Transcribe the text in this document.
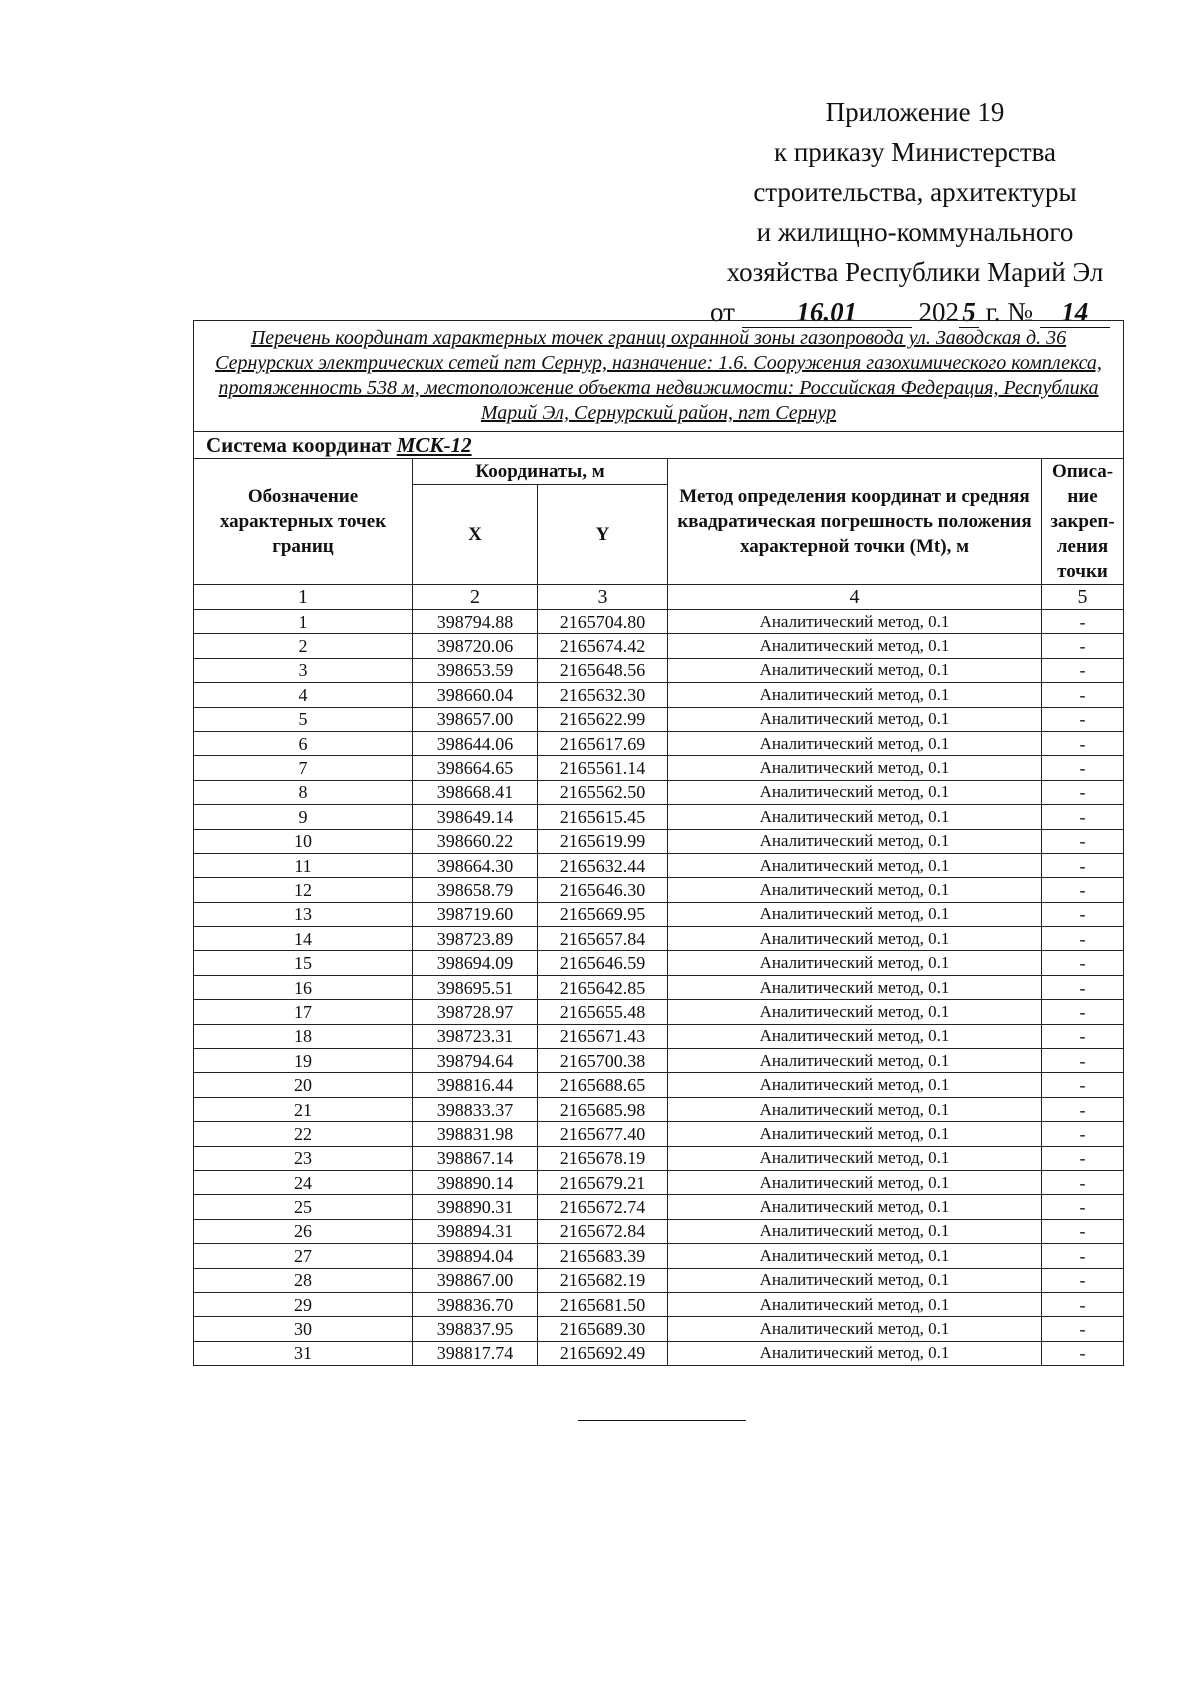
Приложение 19
к приказу Министерства
строительства, архитектуры
и жилищно-коммунального
хозяйства Республики Марий Эл
от 16.01 202 5 г. № 14
Перечень координат характерных точек границ охранной зоны газопровода ул. Заводская д. 36 Сернурских электрических сетей пгт Сернур, назначение: 1.6. Сооружения газохимического комплекса, протяженность 538 м, местоположение объекта недвижимости: Российская Федерация, Республика Марий Эл, Сернурский район, пгт Сернур				
Система координат МСК-12				
Обозначение характерных точек границ	Координаты, м		Метод определения координат и средняя квадратическая погрешность положения характерной точки (Mt), м	Описа-ние закреп-ления точки
	X	Y		
1	2	3	4	5
1	398794.88	2165704.80	Аналитический метод, 0.1	-
2	398720.06	2165674.42	Аналитический метод, 0.1	-
3	398653.59	2165648.56	Аналитический метод, 0.1	-
4	398660.04	2165632.30	Аналитический метод, 0.1	-
5	398657.00	2165622.99	Аналитический метод, 0.1	-
6	398644.06	2165617.69	Аналитический метод, 0.1	-
7	398664.65	2165561.14	Аналитический метод, 0.1	-
8	398668.41	2165562.50	Аналитический метод, 0.1	-
9	398649.14	2165615.45	Аналитический метод, 0.1	-
10	398660.22	2165619.99	Аналитический метод, 0.1	-
11	398664.30	2165632.44	Аналитический метод, 0.1	-
12	398658.79	2165646.30	Аналитический метод, 0.1	-
13	398719.60	2165669.95	Аналитический метод, 0.1	-
14	398723.89	2165657.84	Аналитический метод, 0.1	-
15	398694.09	2165646.59	Аналитический метод, 0.1	-
16	398695.51	2165642.85	Аналитический метод, 0.1	-
17	398728.97	2165655.48	Аналитический метод, 0.1	-
18	398723.31	2165671.43	Аналитический метод, 0.1	-
19	398794.64	2165700.38	Аналитический метод, 0.1	-
20	398816.44	2165688.65	Аналитический метод, 0.1	-
21	398833.37	2165685.98	Аналитический метод, 0.1	-
22	398831.98	2165677.40	Аналитический метод, 0.1	-
23	398867.14	2165678.19	Аналитический метод, 0.1	-
24	398890.14	2165679.21	Аналитический метод, 0.1	-
25	398890.31	2165672.74	Аналитический метод, 0.1	-
26	398894.31	2165672.84	Аналитический метод, 0.1	-
27	398894.04	2165683.39	Аналитический метод, 0.1	-
28	398867.00	2165682.19	Аналитический метод, 0.1	-
29	398836.70	2165681.50	Аналитический метод, 0.1	-
30	398837.95	2165689.30	Аналитический метод, 0.1	-
31	398817.74	2165692.49	Аналитический метод, 0.1	-
